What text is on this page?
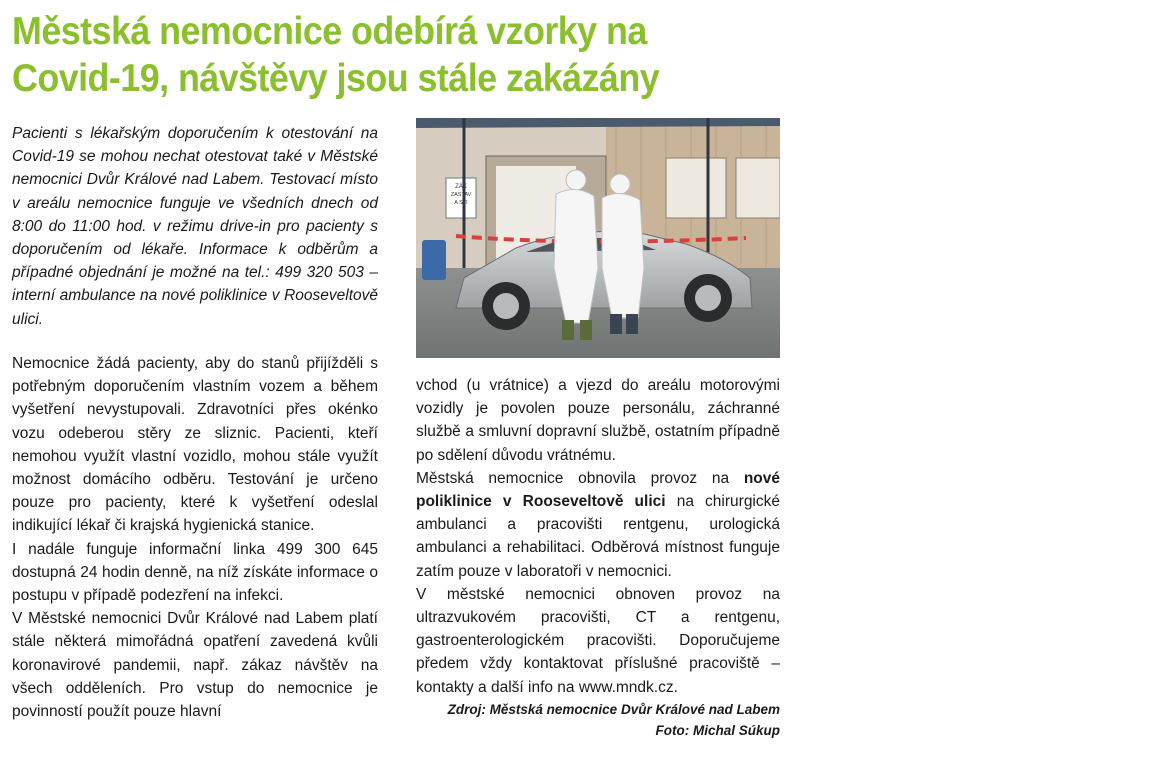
Městská nemocnice odebírá vzorky na Covid-19, návštěvy jsou stále zakázány

Pacienti s lékařským doporučením k otestování na Covid-19 se mohou nechat otestovat také v Městské nemocnici Dvůr Králové nad Labem. Testovací místo v areálu nemocnice funguje ve všedních dnech od 8:00 do 11:00 hod. v režimu drive-in pro pacienty s doporučením od lékaře. Informace k odběrům a případné objednání je možné na tel.: 499 320 503 – interní ambulance na nové poliklinice v Rooseveltově ulici.

ZÁK
ZASTAV
A STI

Nemocnice žádá pacienty, aby do stanů přijížděli s potřebným doporučením vlastním vozem a během vyšetření nevystupovali. Zdravotníci přes okénko vozu odeberou stěry ze sliznic. Pacienti, kteří nemohou využít vlastní vozidlo, mohou stále využít možnost domácího odběru. Testování je určeno pouze pro pacienty, které k vyšetření odeslal indikující lékař či krajská hygienická stanice.

I nadále funguje informační linka 499 300 645 dostupná 24 hodin denně, na níž získáte informace o postupu v případě podezření na infekci.

V Městské nemocnici Dvůr Králové nad Labem platí stále některá mimořádná opatření zavedená kvůli koronavirové pandemii, např. zákaz návštěv na všech odděleních. Pro vstup do nemocnice je povinností použít pouze hlavní

vchod (u vrátnice) a vjezd do areálu motorovými vozidly je povolen pouze personálu, záchranné službě a smluvní dopravní službě, ostatním případně po sdělení důvodu vrátnému.

Městská nemocnice obnovila provoz na nové poliklinice v Rooseveltově ulici na chirurgické ambulanci a pracovišti rentgenu, urologická ambulanci a rehabilitaci. Odběrová místnost funguje zatím pouze v laboratoři v nemocnici.

V městské nemocnici obnoven provoz na ultrazvukovém pracovišti, CT a rentgenu, gastroenterologickém pracovišti. Doporučujeme předem vždy kontaktovat příslušné pracoviště – kontakty a další info na www.mndk.cz.

Zdroj: Městská nemocnice Dvůr Králové nad Labem

Foto: Michal Súkup
